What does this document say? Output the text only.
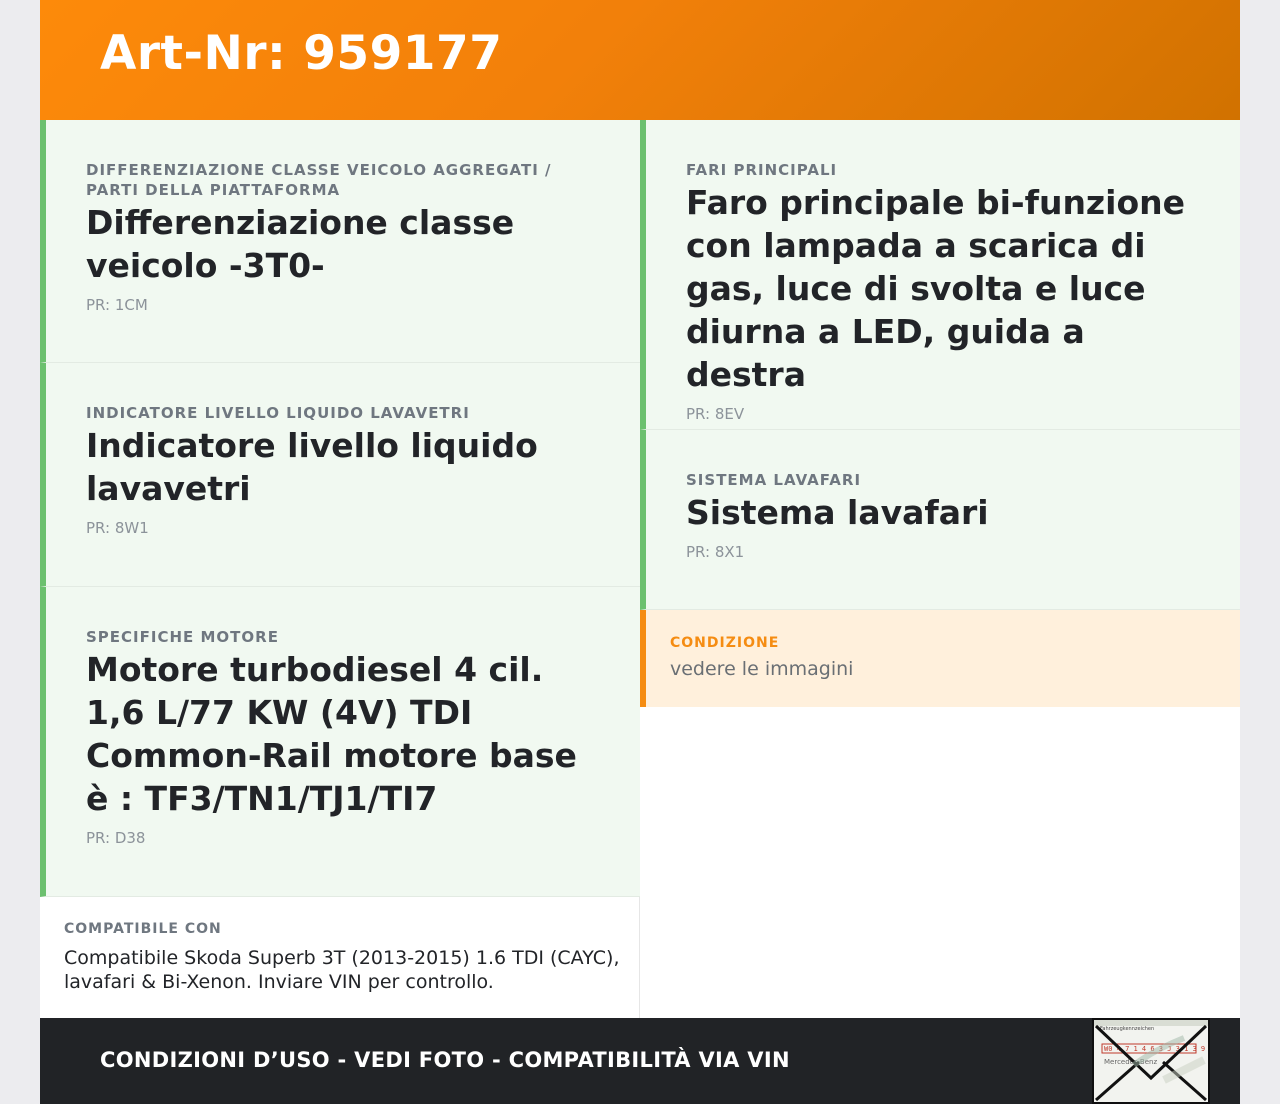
Art-Nr: 959177
DIFFERENZIAZIONE CLASSE VEICOLO AGGREGATI / PARTI DELLA PIATTAFORMA
Differenziazione classe veicolo -3T0-
PR: 1CM
INDICATORE LIVELLO LIQUIDO LAVAVETRI
Indicatore livello liquido lavavetri
PR: 8W1
SPECIFICHE MOTORE
Motore turbodiesel 4 cil. 1,6 L/77 KW (4V) TDI Common-Rail motore base è : TF3/TN1/TJ1/TI7
PR: D38
FARI PRINCIPALI
Faro principale bi-funzione con lampada a scarica di gas, luce di svolta e luce diurna a LED, guida a destra
PR: 8EV
SISTEMA LAVAFARI
Sistema lavafari
PR: 8X1
CONDIZIONE
vedere le immagini
COMPATIBILE CON
Compatibile Skoda Superb 3T (2013-2015) 1.6 TDI (CAYC), lavafari & Bi-Xenon. Inviare VIN per controllo.
CONDIZIONI D’USO - VEDI FOTO - COMPATIBILITÀ VIA VIN
Fahrzeugkennzeichen
W0 4 7 1 4 6 3 J 3 1 3 9
Mercedes-Benz
